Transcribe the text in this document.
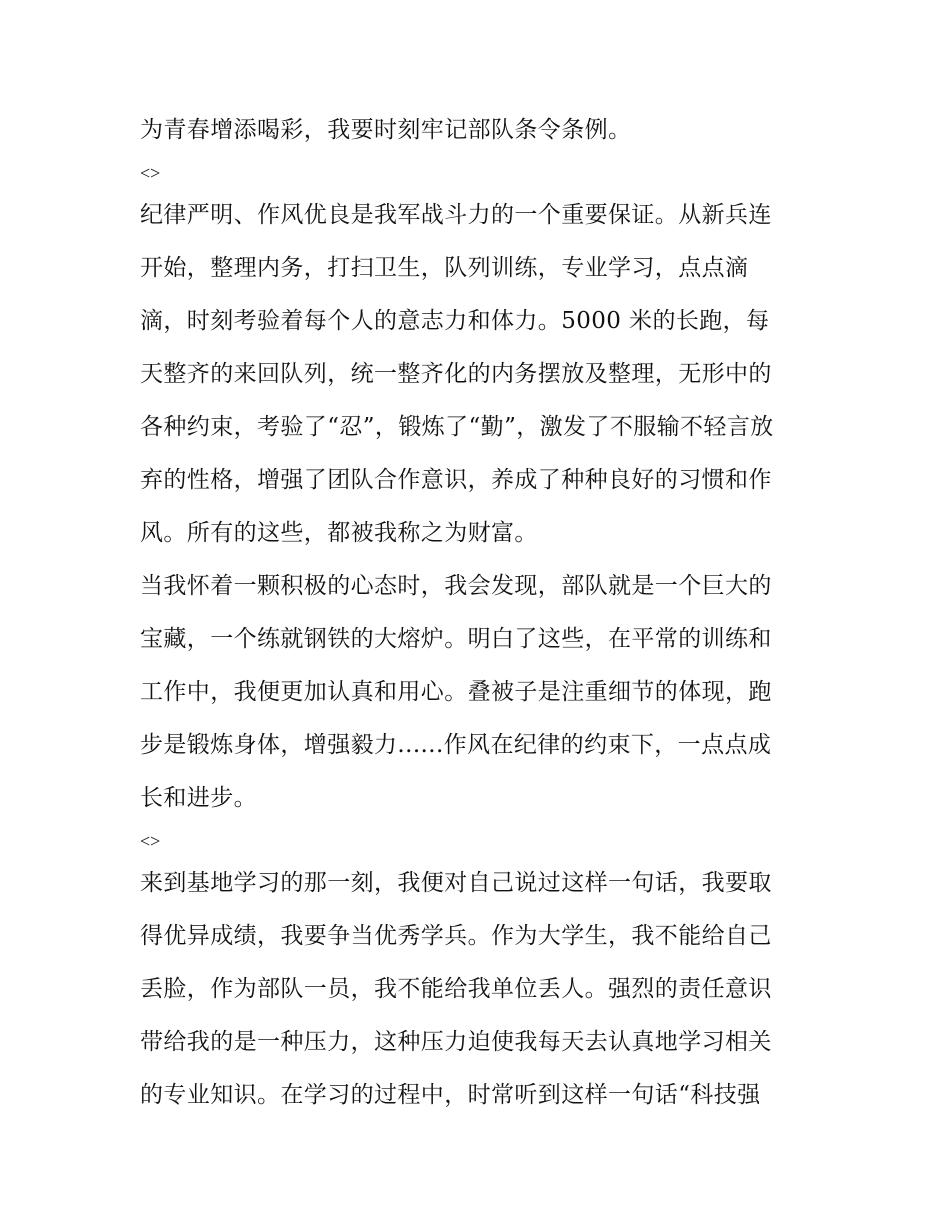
为青春增添喝彩，我要时刻牢记部队条令条例。
<>
纪律严明、作风优良是我军战斗力的一个重要保证。从新兵连
开始，整理内务，打扫卫生，队列训练，专业学习，点点滴
滴，时刻考验着每个人的意志力和体力。5000 米的长跑，每
天整齐的来回队列，统一整齐化的内务摆放及整理，无形中的
各种约束，考验了“忍”，锻炼了“勤”，激发了不服输不轻言放
弃的性格，增强了团队合作意识，养成了种种良好的习惯和作
风。所有的这些，都被我称之为财富。
当我怀着一颗积极的心态时，我会发现，部队就是一个巨大的
宝藏，一个练就钢铁的大熔炉。明白了这些，在平常的训练和
工作中，我便更加认真和用心。叠被子是注重细节的体现，跑
步是锻炼身体，增强毅力......作风在纪律的约束下，一点点成
长和进步。
<>
来到基地学习的那一刻，我便对自己说过这样一句话，我要取
得优异成绩，我要争当优秀学兵。作为大学生，我不能给自己
丢脸，作为部队一员，我不能给我单位丢人。强烈的责任意识
带给我的是一种压力，这种压力迫使我每天去认真地学习相关
的专业知识。在学习的过程中，时常听到这样一句话“科技强
